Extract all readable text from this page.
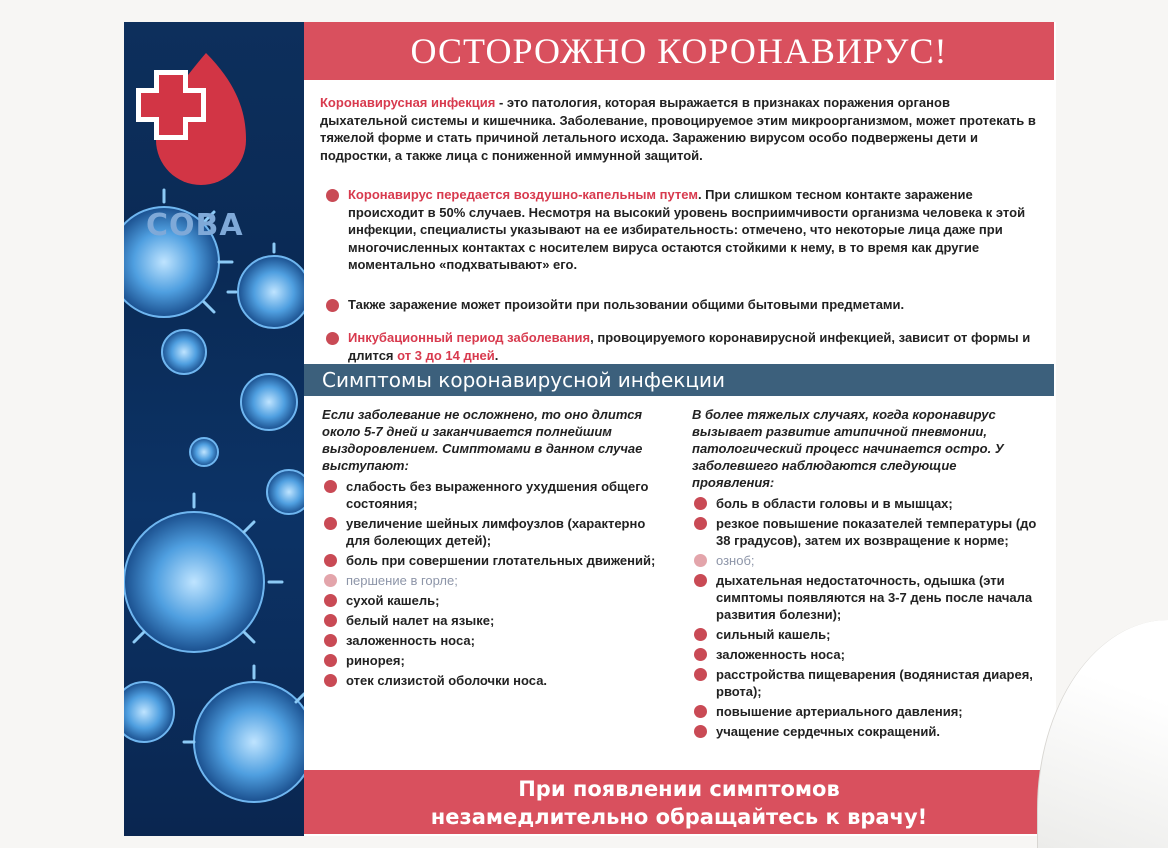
COBA
ОСТОРОЖНО КОРОНАВИРУС!

Коронавирусная инфекция - это патология, которая выражается в признаках поражения органов дыхательной системы и кишечника. Заболевание, провоцируемое этим микроорганизмом, может протекать в тяжелой форме и стать причиной летального исхода. Заражению вирусом особо подвержены дети и подростки, а также лица с пониженной иммунной защитой.

Коронавирус передается воздушно-капельным путем. При слишком тесном контакте заражение происходит в 50% случаев. Несмотря на высокий уровень восприимчивости организма человека к этой инфекции, специалисты указывают на ее избирательность: отмечено, что некоторые лица даже при многочисленных контактах с носителем вируса остаются стойкими к нему, в то время как другие моментально «подхватывают» его.

Также заражение может произойти при пользовании общими бытовыми предметами.

Инкубационный период заболевания, провоцируемого коронавирусной инфекцией, зависит от формы и длится от 3 до 14 дней.

Симптомы коронавирусной инфекции

Если заболевание не осложнено, то оно длится около 5-7 дней и заканчивается полнейшим выздоровлением. Симптомами в данном случае выступают:

слабость без выраженного ухудшения общего состояния;
увеличение шейных лимфоузлов (характерно для болеющих детей);
боль при совершении глотательных движений;
першение в горле;
сухой кашель;
белый налет на языке;
заложенность носа;
ринорея;
отек слизистой оболочки носа.

В более тяжелых случаях, когда коронавирус вызывает развитие атипичной пневмонии, патологический процесс начинается остро. У заболевшего наблюдаются следующие проявления:

боль в области головы и в мышцах;
резкое повышение показателей температуры (до 38 градусов), затем их возвращение к норме;
озноб;
дыхательная недостаточность, одышка (эти симптомы появляются на 3-7 день после начала развития болезни);
сильный кашель;
заложенность носа;
расстройства пищеварения (водянистая диарея, рвота);
повышение артериального давления;
учащение сердечных сокращений.
При появлении симптомов
незамедлительно обращайтесь к врачу!
